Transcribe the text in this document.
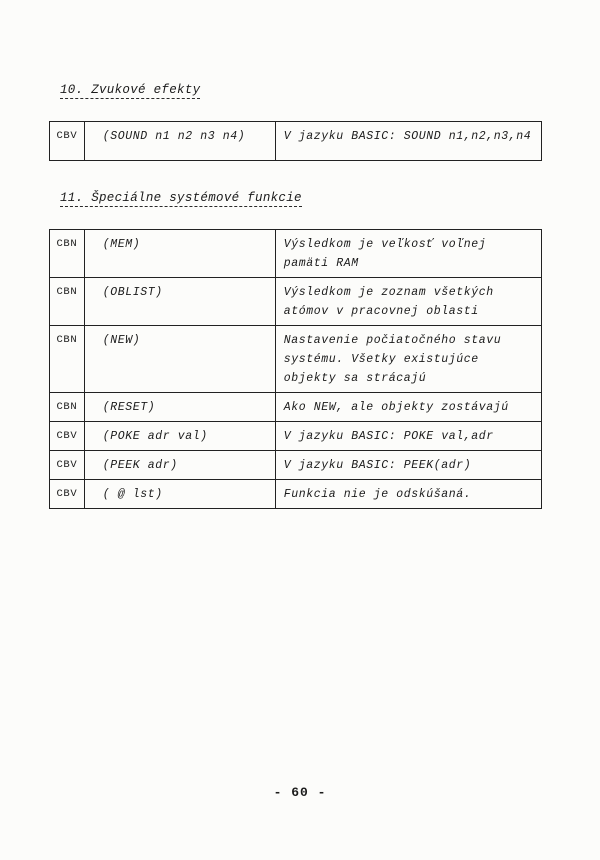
10. Zvukové efekty
CBV	(SOUND n1 n2 n3 n4)	V jazyku BASIC: SOUND n1,n2,n3,n4
11. Špeciálne systémové funkcie
CBN	(MEM)	Výsledkom je veľkosť voľnej pamäti RAM
CBN	(OBLIST)	Výsledkom je zoznam všetkých atómov v pracovnej oblasti
CBN	(NEW)	Nastavenie počiatočného stavu systému. Všetky existujúce objekty sa strácajú
CBN	(RESET)	Ako NEW, ale objekty zostávajú
CBV	(POKE adr val)	V jazyku BASIC: POKE val,adr
CBV	(PEEK adr)	V jazyku BASIC: PEEK(adr)
CBV	( @ lst)	Funkcia nie je odskúšaná.
- 60 -
